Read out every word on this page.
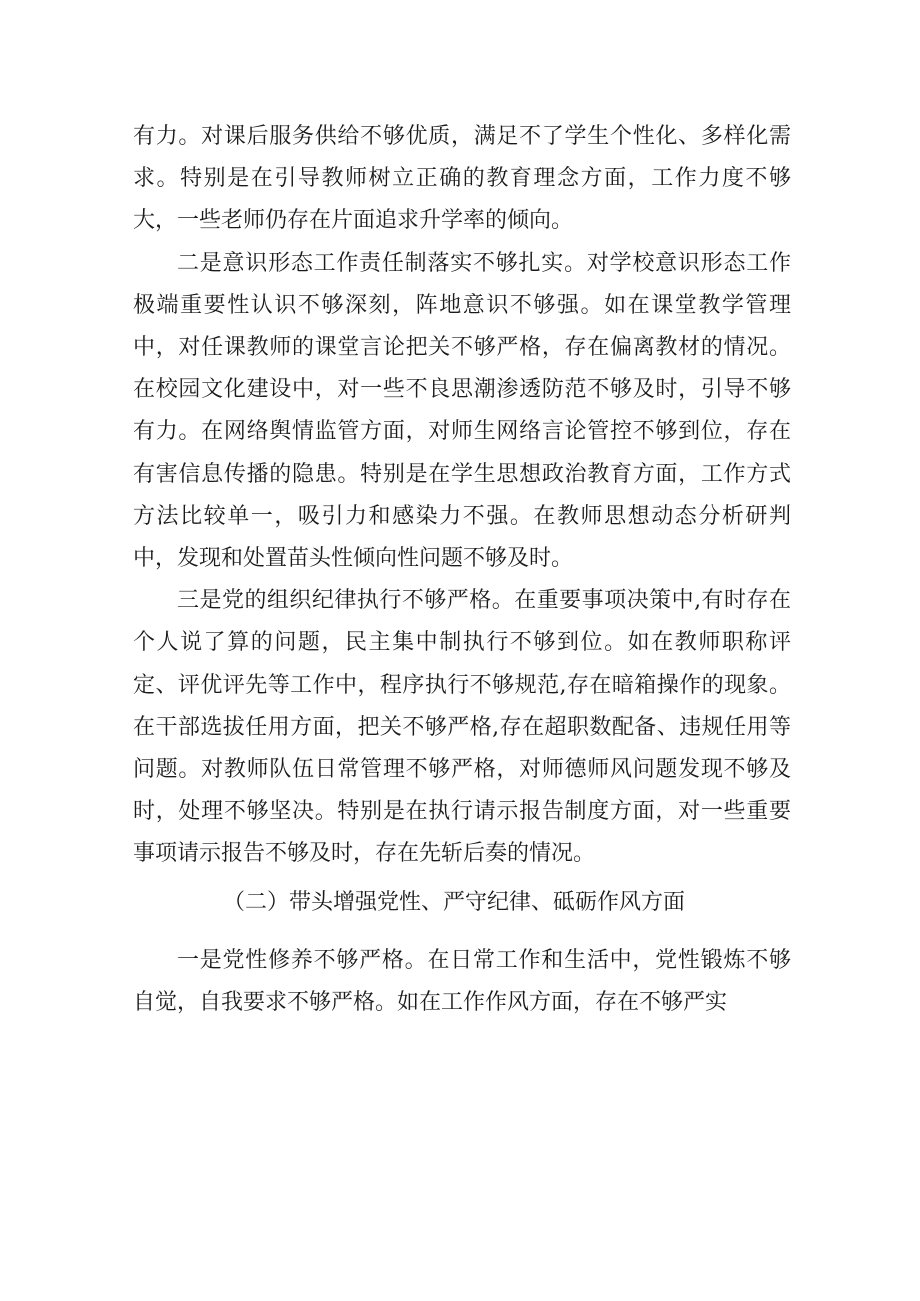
有力。对课后服务供给不够优质，满足不了学生个性化、多样化需求。特别是在引导教师树立正确的教育理念方面，工作力度不够大，一些老师仍存在片面追求升学率的倾向。

二是意识形态工作责任制落实不够扎实。对学校意识形态工作极端重要性认识不够深刻，阵地意识不够强。如在课堂教学管理中，对任课教师的课堂言论把关不够严格，存在偏离教材的情况。在校园文化建设中，对一些不良思潮渗透防范不够及时，引导不够有力。在网络舆情监管方面，对师生网络言论管控不够到位，存在有害信息传播的隐患。特别是在学生思想政治教育方面，工作方式方法比较单一，吸引力和感染力不强。在教师思想动态分析研判中，发现和处置苗头性倾向性问题不够及时。

三是党的组织纪律执行不够严格。在重要事项决策中,有时存在个人说了算的问题，民主集中制执行不够到位。如在教师职称评定、评优评先等工作中，程序执行不够规范,存在暗箱操作的现象。在干部选拔任用方面，把关不够严格,存在超职数配备、违规任用等问题。对教师队伍日常管理不够严格，对师德师风问题发现不够及时，处理不够坚决。特别是在执行请示报告制度方面，对一些重要事项请示报告不够及时，存在先斩后奏的情况。

（二）带头增强党性、严守纪律、砥砺作风方面

一是党性修养不够严格。在日常工作和生活中，党性锻炼不够自觉，自我要求不够严格。如在工作作风方面，存在不够严实
